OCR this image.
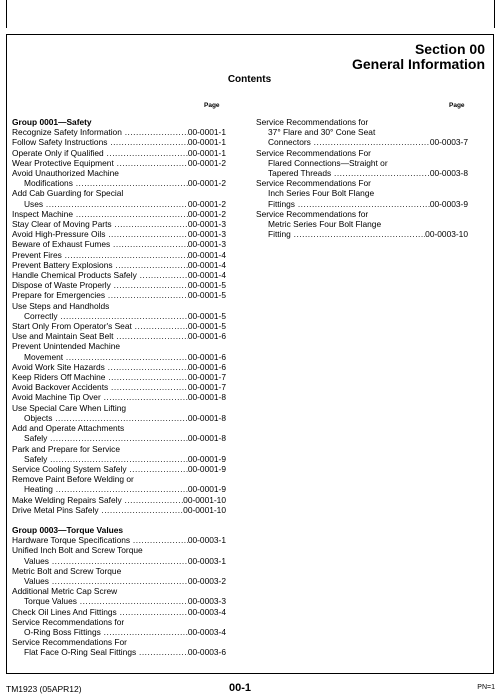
Section 00
General Information
Contents
Page	Page
Group 0001—Safety
Recognize Safety Information .....	00-0001-1
Follow Safety Instructions .....	00-0001-1
Operate Only if Qualified .....	00-0001-1
Wear Protective Equipment .....	00-0001-2
Avoid Unauthorized Machine
Modifications .....	00-0001-2
Add Cab Guarding for Special
Uses .....	00-0001-2
Inspect Machine .....	00-0001-2
Stay Clear of Moving Parts .....	00-0001-3
Avoid High-Pressure Oils .....	00-0001-3
Beware of Exhaust Fumes .....	00-0001-3
Prevent Fires .....	00-0001-4
Prevent Battery Explosions .....	00-0001-4
Handle Chemical Products Safely .....	00-0001-4
Dispose of Waste Properly .....	00-0001-5
Prepare for Emergencies .....	00-0001-5
Use Steps and Handholds
Correctly .....	00-0001-5
Start Only From Operator's Seat .....	00-0001-5
Use and Maintain Seat Belt .....	00-0001-6
Prevent Unintended Machine
Movement .....	00-0001-6
Avoid Work Site Hazards .....	00-0001-6
Keep Riders Off Machine .....	00-0001-7
Avoid Backover Accidents .....	00-0001-7
Avoid Machine Tip Over .....	00-0001-8
Use Special Care When Lifting
Objects .....	00-0001-8
Add and Operate Attachments
Safely .....	00-0001-8
Park and Prepare for Service
Safely .....	00-0001-9
Service Cooling System Safely .....	00-0001-9
Remove Paint Before Welding or
Heating .....	00-0001-9
Make Welding Repairs Safely .....	00-0001-10
Drive Metal Pins Safely .....	00-0001-10
Group 0003—Torque Values
Hardware Torque Specifications .....	00-0003-1
Unified Inch Bolt and Screw Torque
Values .....	00-0003-1
Metric Bolt and Screw Torque
Values .....	00-0003-2
Additional Metric Cap Screw
Torque Values .....	00-0003-3
Check Oil Lines And Fittings .....	00-0003-4
Service Recommendations for
O-Ring Boss Fittings .....	00-0003-4
Service Recommendations For
Flat Face O-Ring Seal Fittings .....	00-0003-6
Service Recommendations for
37° Flare and 30° Cone Seat
Connectors .....	00-0003-7
Service Recommendations For
Flared Connections—Straight or
Tapered Threads .....	00-0003-8
Service Recommendations For
Inch Series Four Bolt Flange
Fittings .....	00-0003-9
Service Recommendations for
Metric Series Four Bolt Flange
Fitting .....	00-0003-10
TM1923 (05APR12)	00-1	PN=1
